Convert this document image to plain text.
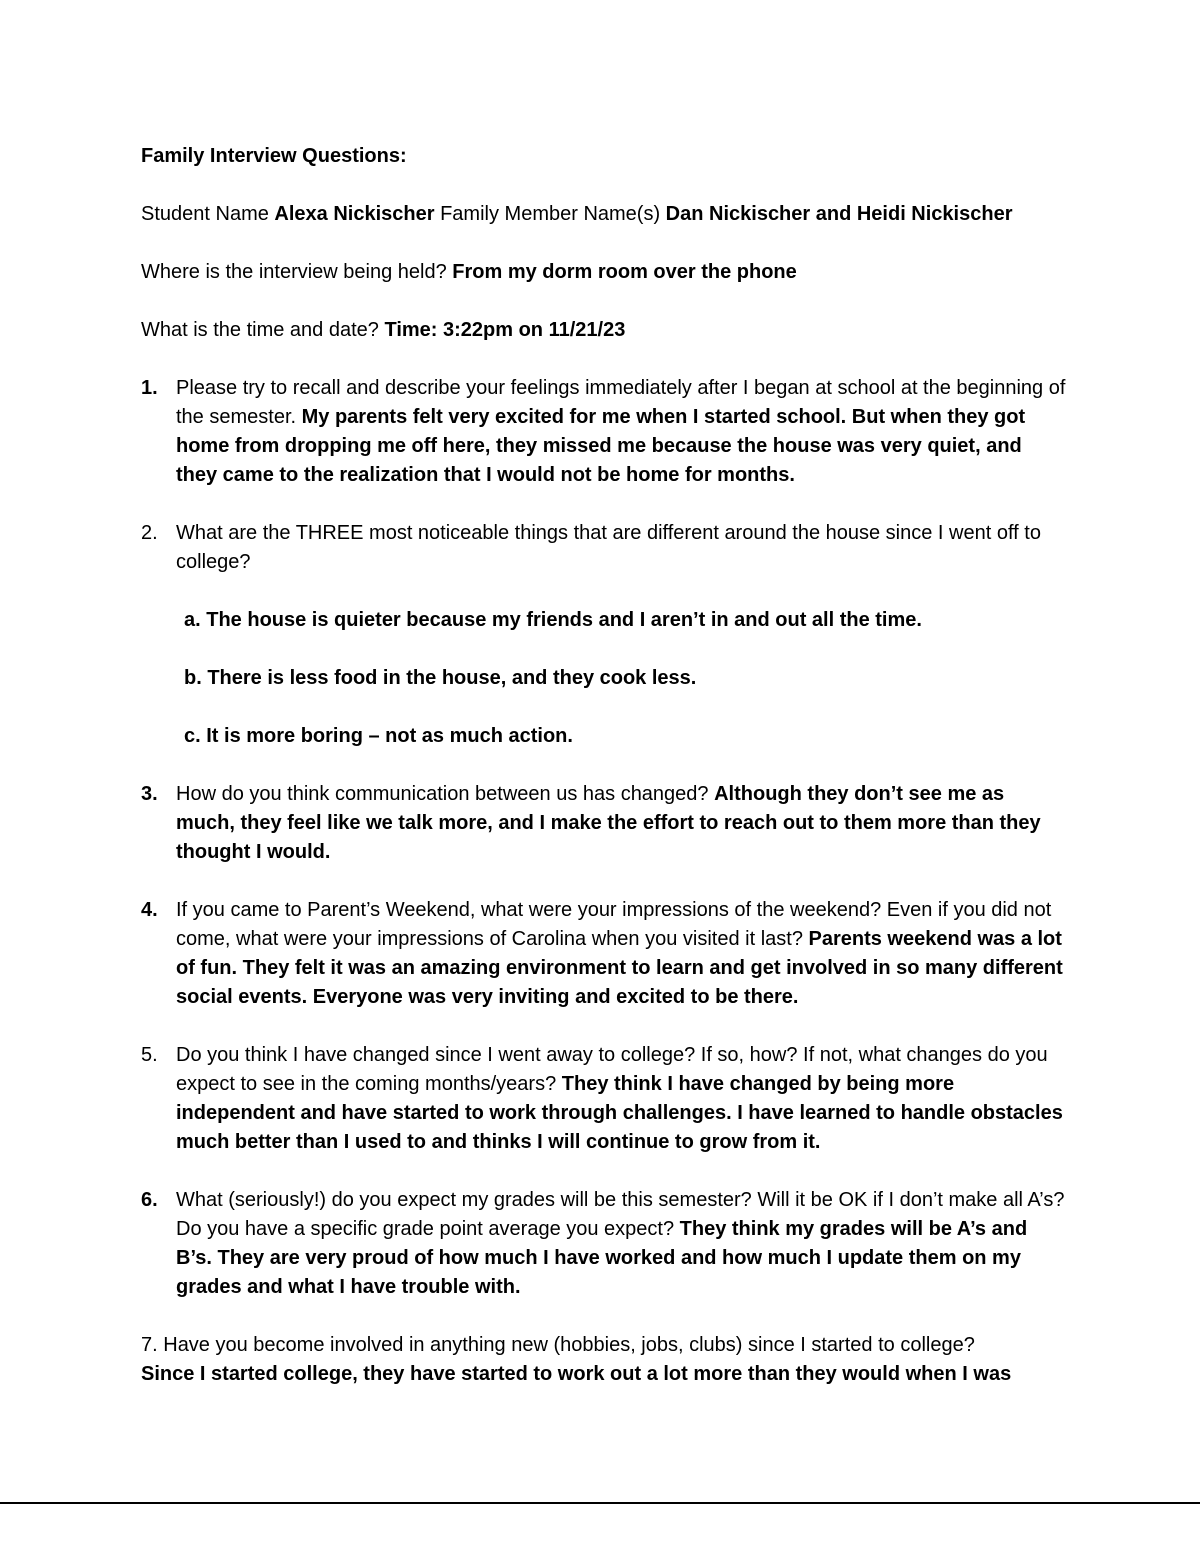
Family Interview Questions:
Student Name Alexa Nickischer Family Member Name(s) Dan Nickischer and Heidi Nickischer
Where is the interview being held? From my dorm room over the phone
What is the time and date? Time: 3:22pm on 11/21/23
1. Please try to recall and describe your feelings immediately after I began at school at the beginning of the semester. My parents felt very excited for me when I started school. But when they got home from dropping me off here, they missed me because the house was very quiet, and they came to the realization that I would not be home for months.
2. What are the THREE most noticeable things that are different around the house since I went off to college?
a. The house is quieter because my friends and I aren’t in and out all the time.
b. There is less food in the house, and they cook less.
c. It is more boring – not as much action.
3. How do you think communication between us has changed? Although they don’t see me as much, they feel like we talk more, and I make the effort to reach out to them more than they thought I would.
4. If you came to Parent’s Weekend, what were your impressions of the weekend? Even if you did not come, what were your impressions of Carolina when you visited it last? Parents weekend was a lot of fun. They felt it was an amazing environment to learn and get involved in so many different social events. Everyone was very inviting and excited to be there.
5. Do you think I have changed since I went away to college? If so, how? If not, what changes do you expect to see in the coming months/years? They think I have changed by being more independent and have started to work through challenges. I have learned to handle obstacles much better than I used to and thinks I will continue to grow from it.
6. What (seriously!) do you expect my grades will be this semester? Will it be OK if I don’t make all A’s? Do you have a specific grade point average you expect? They think my grades will be A’s and B’s. They are very proud of how much I have worked and how much I update them on my grades and what I have trouble with.
7. Have you become involved in anything new (hobbies, jobs, clubs) since I started to college?
Since I started college, they have started to work out a lot more than they would when I was
